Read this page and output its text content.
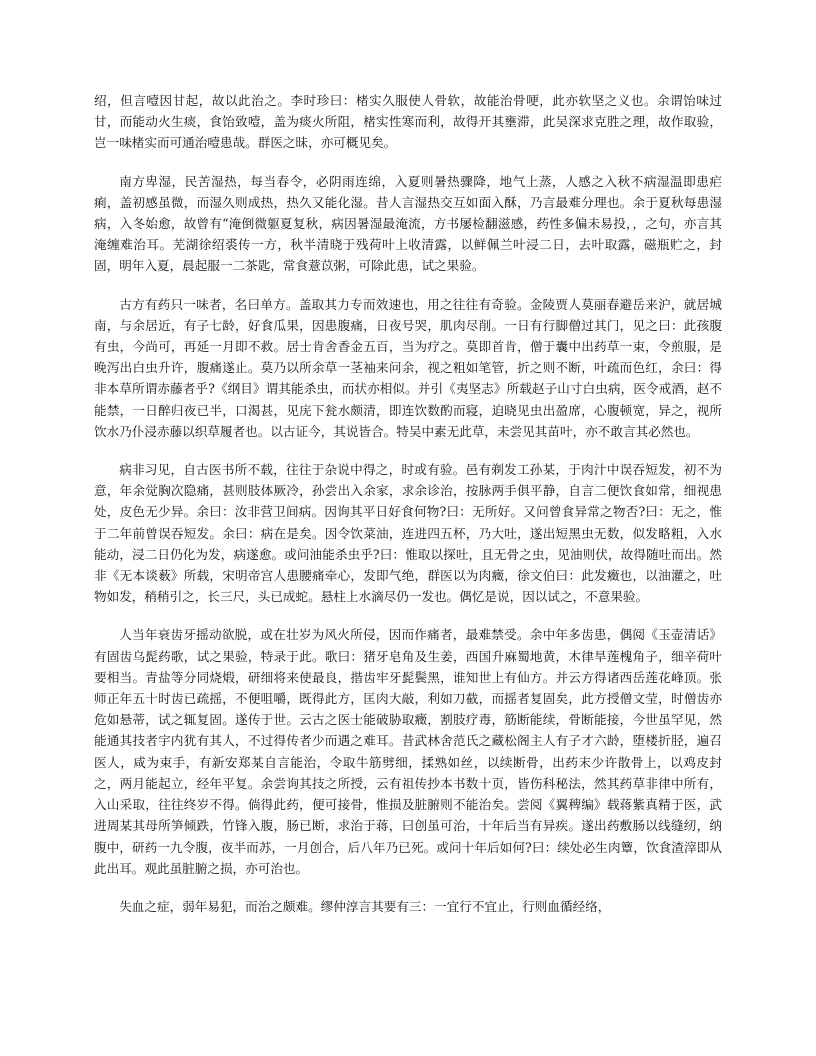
绍，但言噎因甘起，故以此治之。李时珍曰：楮实久服使人骨软，故能治骨哽，此亦软坚之义也。余谓饴味过甘，而能动火生痰，食饴致噎，盖为痰火所阻，楮实性寒而利，故得开其壅滞，此吴深求克胜之理，故作取验，岂一味楮实而可通治噎患哉。群医之昧，亦可概见矣。

南方卑湿，民苦湿热，每当春令，必阴雨连绵，入夏则暑热骤降，地气上蒸，人感之入秋不病湿温即患疟痢，盖初感虽微，而湿久则成热，热久又能化湿。昔人言湿热交互如面入酥，乃言最难分理也。余于夏秋每患湿病，入冬始愈，故曾有“淹倒微躯夏复秋，病因暑湿最淹流，方书屡检翻滋感，药性多偏未易投，，之句，亦言其淹缠难治耳。芜湖徐绍裘传一方，秋半清晓于残荷叶上收清露，以鲜佩兰叶浸二日，去叶取露，磁瓶贮之，封固，明年入夏，晨起服一二茶匙，常食薏苡粥，可除此患，试之果验。

古方有药只一味者，名曰单方。盖取其力专而效速也，用之往往有奇验。金陵贾人莫丽春避岳来沪，就居城南，与余居近，有子七龄，好食瓜果，因患腹痛，日夜号哭，肌肉尽削。一日有行脚僧过其门，见之曰：此孩腹有虫，今尚可，再延一月即不救。居士肯舍香金五百，当为疗之。莫即首肯，僧于囊中出药草一束，令煎服，是晚泻出白虫升许，腹痛遂止。莫乃以所余草一茎袖来问余，视之粗如笔管，折之则不断，叶疏而色红，余曰：得非本草所谓赤藤者乎?《纲目》谓其能杀虫，而状亦相似。并引《夷坚志》所载赵子山寸白虫病，医令戒酒，赵不能禁，一日醉归夜已半，口渴甚，见庑下瓮水颇清，即连饮数酌而寝，迫晓见虫出盈席，心腹顿宽，异之，视所饮水乃仆浸赤藤以织草履者也。以古证今，其说皆合。特吴中素无此草，未尝见其苗叶，亦不敢言其必然也。

病非习见，自古医书所不载，往往于杂说中得之，时或有验。邑有剃发工孙某，于肉汁中误吞短发，初不为意，年余觉胸次隐痛，甚则肢体厥冷，孙尝出入余家，求余诊治，按脉两手俱平静，自言二便饮食如常，细视患处，皮色无少异。余曰：汝非营卫间病。因询其平日好食何物?曰：无所好。又问曾食异常之物否?曰：无之，惟于二年前曾误吞短发。余曰：病在是矣。因令饮菜油，连进四五杯，乃大吐，遂出短黑虫无数，似发略粗，入水能动，浸二日仍化为发，病遂愈。或问油能杀虫乎?曰：惟取以探吐，且无骨之虫，见油则伏，故得随吐而出。然非《无本谈薮》所载，宋明帝宫人患腰痛牵心，发即气绝，群医以为肉癥，徐文伯曰：此发癥也，以油灌之，吐物如发，稍稍引之，长三尺，头已成蛇。悬柱上水滴尽仍一发也。偶忆是说，因以试之，不意果验。

人当年衰齿牙摇动欲脱，或在壮岁为风火所侵，因而作痛者，最难禁受。余中年多齿患，偶阅《玉壶清话》有固齿乌髭药歌，试之果验，特录于此。歌曰：猪牙皂角及生姜，西国升麻蜀地黄，木律旱莲槐角子，细辛荷叶要相当。青盐等分同烧煅，研细将来使最良，揩齿牢牙髭鬓黑，谁知世上有仙方。并云方得诸西岳莲花峰顶。张师正年五十时齿已疏摇，不便咀嚼，既得此方，匡肉大敲，利如刀截，而摇者复固矣，此方授僧文莹，时僧齿亦危如悬蒂，试之辄复固。遂传于世。云古之医士能破胁取癥，割肢疗毒，筋断能续，骨断能接，今世虽罕见，然能通其技者宇内犹有其人，不过得传者少而遇之难耳。昔武林舍范氏之藏松阁主人有子才六龄，堕楼折胫，遍召医人，咸为束手，有新安郑某自言能治，令取牛筋劈细，揉熟如丝，以续断骨，出药末少许散骨上，以鸡皮封之，两月能起立，经年平复。余尝询其技之所授，云有祖传抄本书数十页，皆伤科秘法，然其药草非律中所有，入山采取，往往终岁不得。倘得此药，便可接骨，惟损及脏腑则不能治矣。尝阅《翼稗编》载蒋紫真精于医，武进周某其母所笋倾跌，竹锋入腹，肠已断，求治于蒋，曰创虽可治，十年后当有异疾。遂出药敷肠以线缝纫，纳腹中，研药一九令腹，夜半而苏，一月创合，后八年乃已死。或问十年后如何?曰：续处必生肉簟，饮食渣滓即从此出耳。观此虽脏腑之损，亦可治也。

失血之症，弱年易犯，而治之颇难。缪仲淳言其要有三：一宜行不宜止，行则血循经络，
